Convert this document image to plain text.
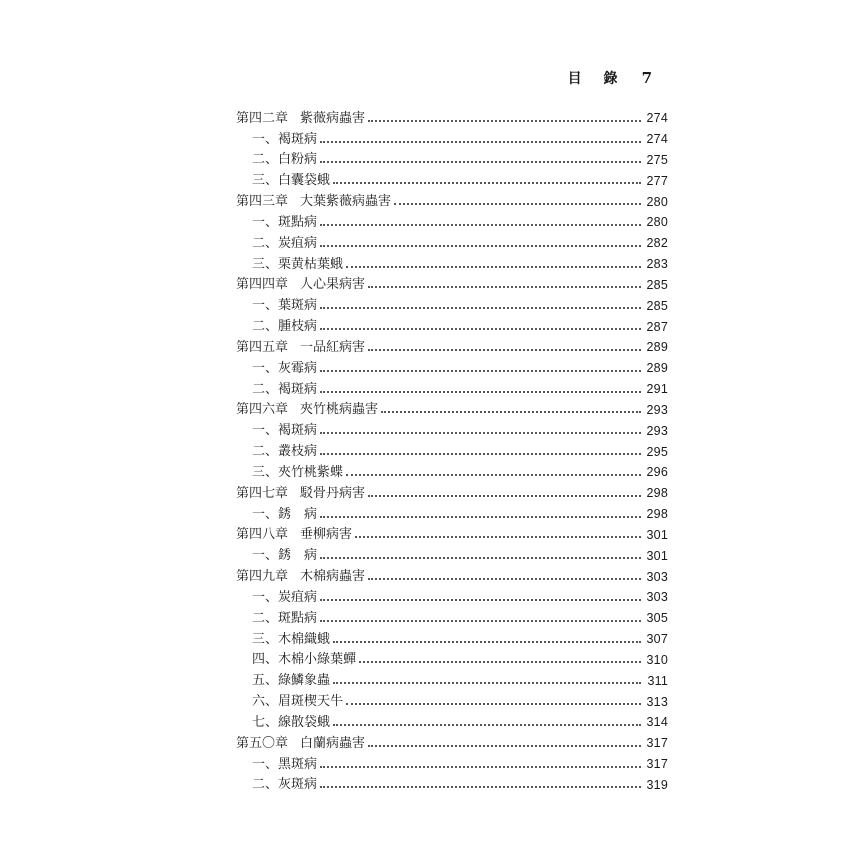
目錄 7
第四二章 紫薇病蟲害	274
一、 褐斑病	274
二、 白粉病	275
三、 白囊袋蛾	277
第四三章 大葉紫薇病蟲害	280
一、 斑點病	280
二、 炭疽病	282
三、 栗黄枯葉蛾	283
第四四章 人心果病害	285
一、 葉斑病	285
二、 腫枝病	287
第四五章 一品紅病害	289
一、 灰霉病	289
二、 褐斑病	291
第四六章 夾竹桃病蟲害	293
一、 褐斑病	293
二、 叢枝病	295
三、 夾竹桃紫蝶	296
第四七章 駁骨丹病害	298
一、 銹　病	298
第四八章 垂柳病害	301
一、 銹　病	301
第四九章 木棉病蟲害	303
一、 炭疽病	303
二、 斑點病	305
三、 木棉織蛾	307
四、 木棉小綠葉蟬	310
五、 綠鱗象蟲	311
六、 眉斑楔天牛	313
七、 線散袋蛾	314
第五〇章 白蘭病蟲害	317
一、 黑斑病	317
二、 灰斑病	319
